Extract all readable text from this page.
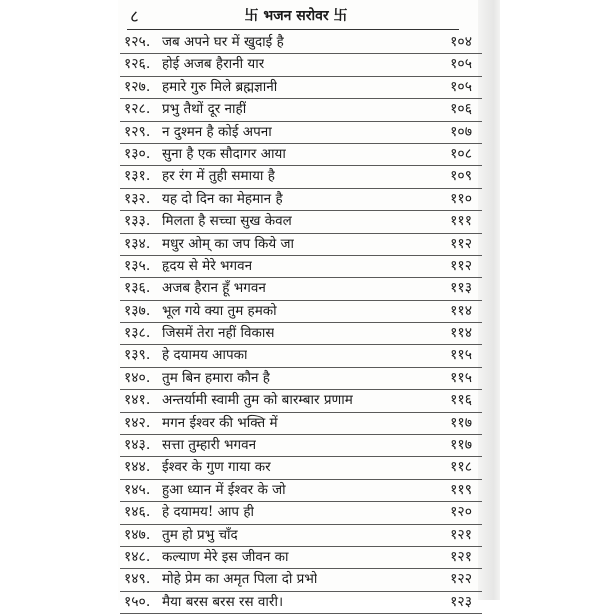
८	卐 भजन सरोवर 卐
१२५. जब अपने घर में खुदाई है	१०४
१२६. होई अजब हैरानी यार	१०५
१२७. हमारे गुरु मिले ब्रह्मज्ञानी	१०५
१२८. प्रभु तैथों दूर नाहीं	१०६
१२९. न दुश्मन है कोई अपना	१०७
१३०. सुना है एक सौदागर आया	१०८
१३१. हर रंग में तुही समाया है	१०९
१३२. यह दो दिन का मेहमान है	११०
१३३. मिलता है सच्चा सुख केवल	१११
१३४. मधुर ओम् का जप किये जा	११२
१३५. हृदय से मेरे भगवन	११२
१३६. अजब हैरान हूँ भगवन	११३
१३७. भूल गये क्या तुम हमको	११४
१३८. जिसमें तेरा नहीं विकास	११४
१३९. हे दयामय आपका	११५
१४०. तुम बिन हमारा कौन है	११५
१४१. अन्तर्यामी स्वामी तुम को बारम्बार प्रणाम	११६
१४२. मगन ईश्वर की भक्ति में	११७
१४३. सत्ता तुम्हारी भगवन	११७
१४४. ईश्वर के गुण गाया कर	११८
१४५. हुआ ध्यान में ईश्वर के जो	११९
१४६. हे दयामय! आप ही	१२०
१४७. तुम हो प्रभु चाँद	१२१
१४८. कल्याण मेरे इस जीवन का	१२१
१४९. मोहे प्रेम का अमृत पिला दो प्रभो	१२२
१५०. मैया बरस बरस रस वारी।	१२३
